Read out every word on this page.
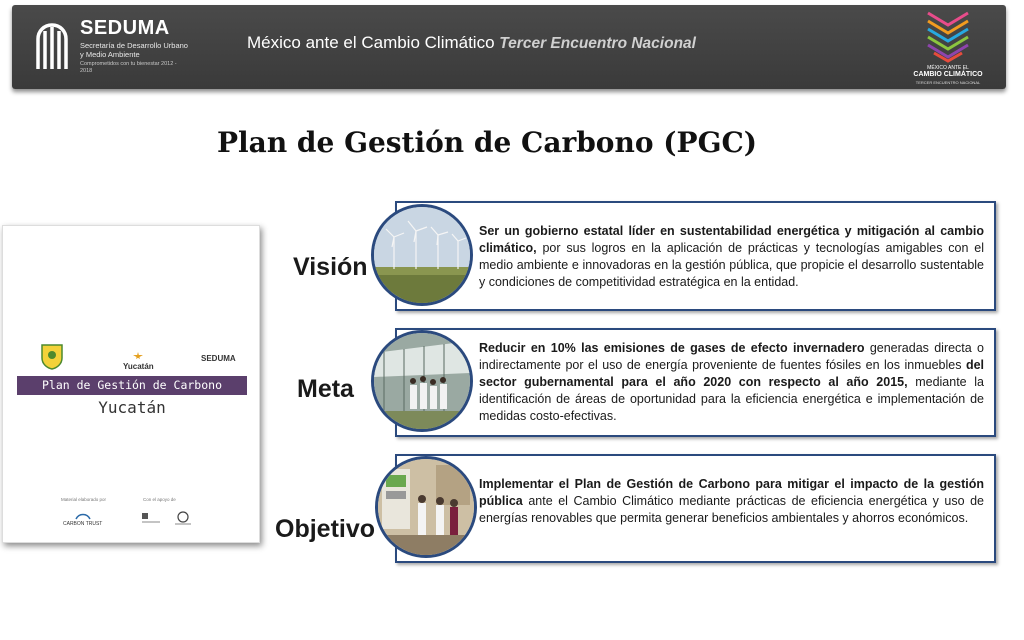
SEDUMA
Secretaría de Desarrollo Urbano y Medio Ambiente
Comprometidos con tu bienestar 2012 - 2018
México ante el Cambio Climático Tercer Encuentro Nacional
MÉXICO ANTE EL
CAMBIO CLIMÁTICO
TERCER ENCUENTRO NACIONAL
Plan de Gestión de Carbono (PGC)
Yucatán
SEDUMA
Plan de Gestión de Carbono
Yucatán
Material elaborado por	Con el apoyo de
CARBON TRUST
Visión
Meta
Objetivo
Ser un gobierno estatal líder en sustentabilidad energética y mitigación al cambio climático, por sus logros en la aplicación de prácticas y tecnologías amigables con el medio ambiente e innovadoras en la gestión pública, que propicie el desarrollo sustentable y condiciones de competitividad estratégica en la entidad.
Reducir en 10% las emisiones de gases de efecto invernadero generadas directa o indirectamente por el uso de energía proveniente de fuentes fósiles en los inmuebles del sector gubernamental para el año 2020 con respecto al año 2015, mediante la identificación de áreas de oportunidad para la eficiencia energética e implementación de medidas costo-efectivas.
Implementar el Plan de Gestión de Carbono para mitigar el impacto de la gestión pública ante el Cambio Climático mediante prácticas de eficiencia energética y uso de energías renovables que permita generar beneficios ambientales y ahorros económicos.
